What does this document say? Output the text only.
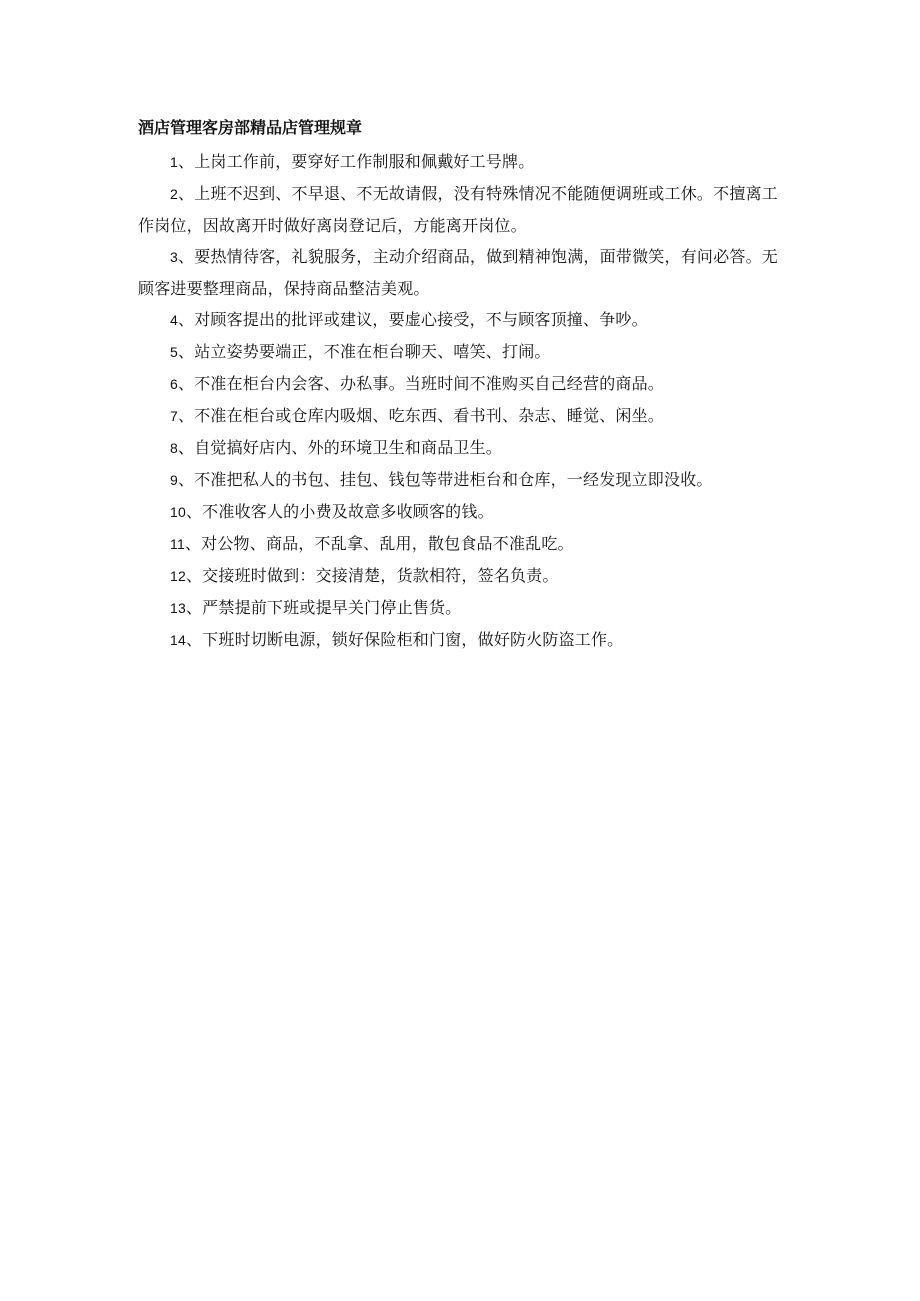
酒店管理客房部精品店管理规章
1、上岗工作前，要穿好工作制服和佩戴好工号牌。
2、上班不迟到、不早退、不无故请假，没有特殊情况不能随便调班或工休。不擅离工作岗位，因故离开时做好离岗登记后，方能离开岗位。
3、要热情待客，礼貌服务，主动介绍商品，做到精神饱满，面带微笑，有问必答。无顾客进要整理商品，保持商品整洁美观。
4、对顾客提出的批评或建议，要虚心接受，不与顾客顶撞、争吵。
5、站立姿势要端正，不准在柜台聊天、嘻笑、打闹。
6、不准在柜台内会客、办私事。当班时间不准购买自己经营的商品。
7、不准在柜台或仓库内吸烟、吃东西、看书刊、杂志、睡觉、闲坐。
8、自觉搞好店内、外的环境卫生和商品卫生。
9、不准把私人的书包、挂包、钱包等带进柜台和仓库，一经发现立即没收。
10、不准收客人的小费及故意多收顾客的钱。
11、对公物、商品，不乱拿、乱用，散包食品不准乱吃。
12、交接班时做到：交接清楚，货款相符，签名负责。
13、严禁提前下班或提早关门停止售货。
14、下班时切断电源，锁好保险柜和门窗，做好防火防盗工作。
